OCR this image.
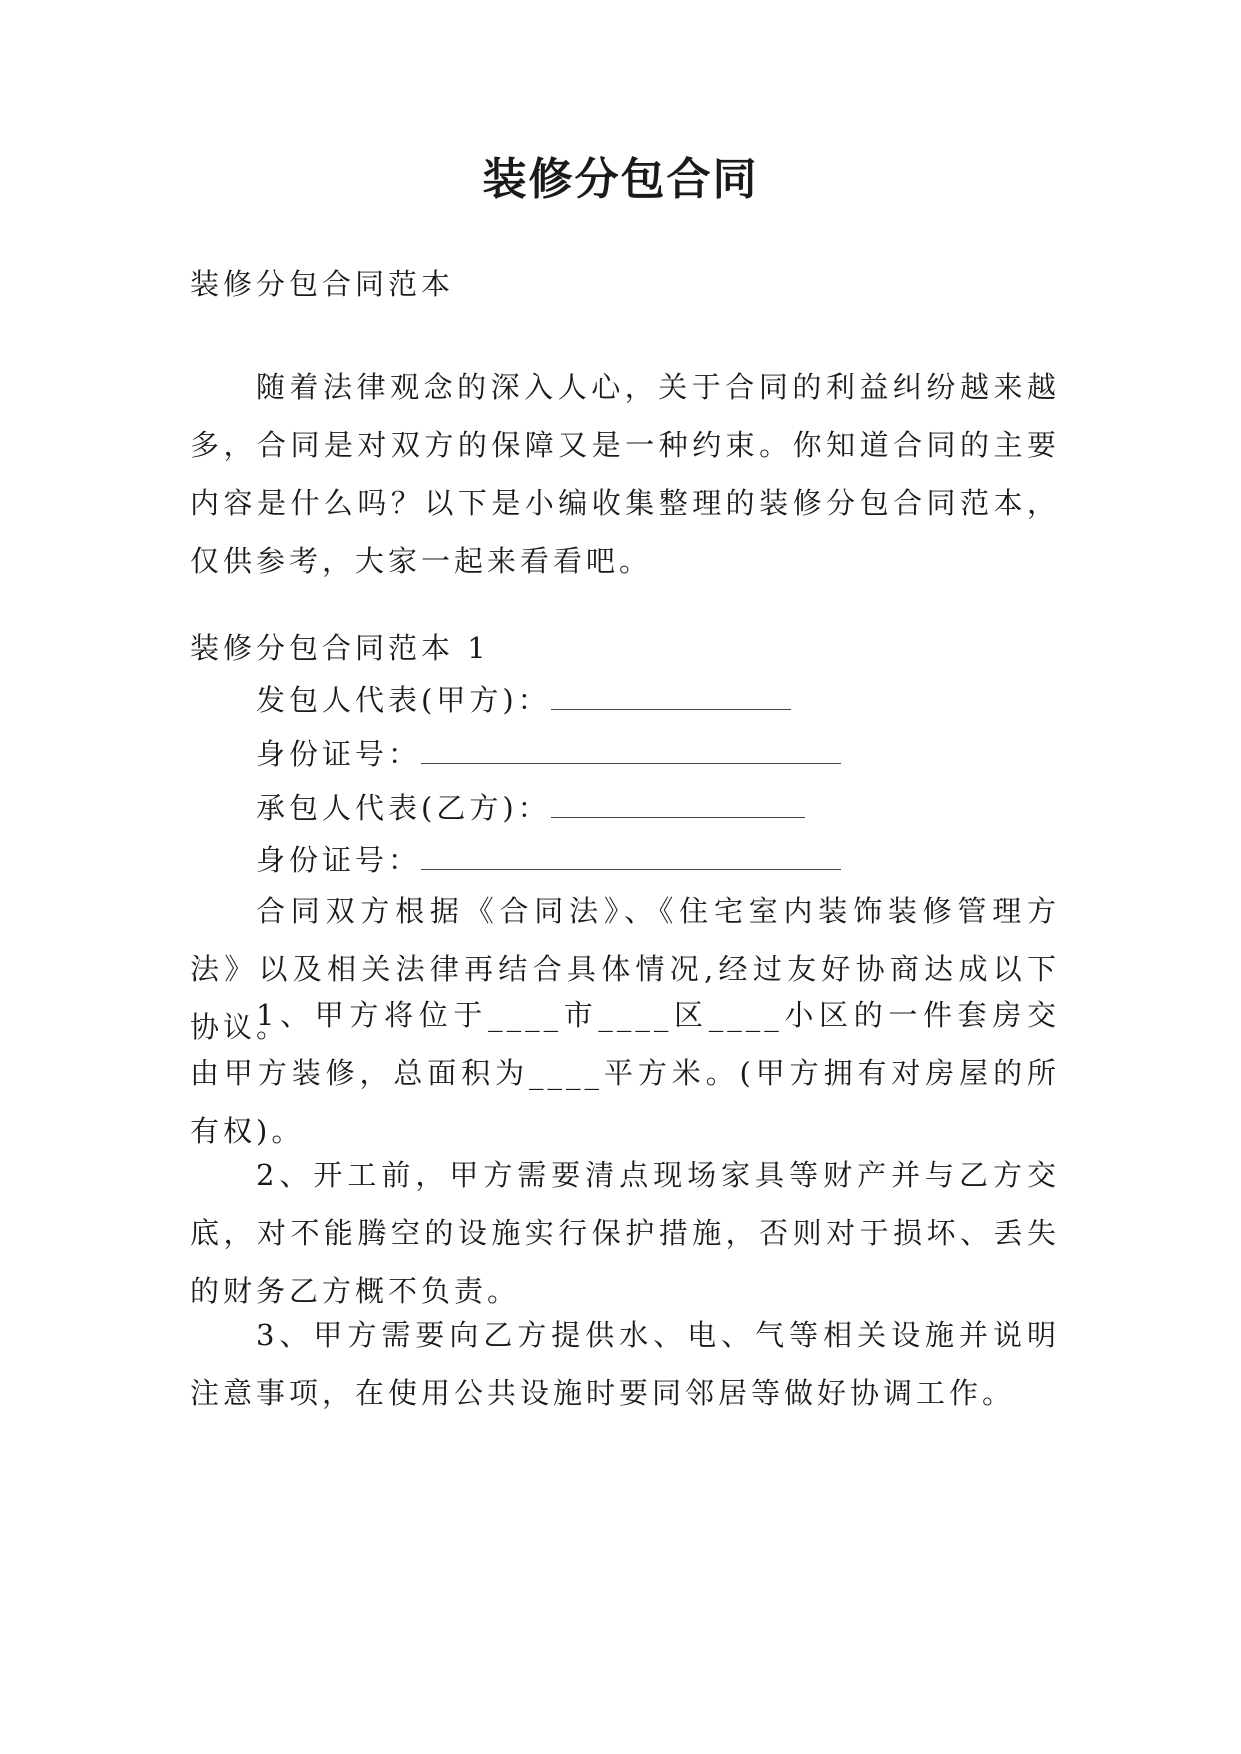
装修分包合同
装修分包合同范本
随着法律观念的深入人心，关于合同的利益纠纷越来越多，合同是对双方的保障又是一种约束。你知道合同的主要内容是什么吗？以下是小编收集整理的装修分包合同范本，仅供参考，大家一起来看看吧。
装修分包合同范本 1
发包人代表(甲方)：
身份证号：
承包人代表(乙方)：
身份证号：
合同双方根据《合同法》、《住宅室内装饰装修管理方法》以及相关法律再结合具体情况,经过友好协商达成以下协议。
1、甲方将位于____市____区____小区的一件套房交由甲方装修，总面积为____平方米。(甲方拥有对房屋的所有权)。
2、开工前，甲方需要清点现场家具等财产并与乙方交底，对不能腾空的设施实行保护措施，否则对于损坏、丢失的财务乙方概不负责。
3、甲方需要向乙方提供水、电、气等相关设施并说明注意事项，在使用公共设施时要同邻居等做好协调工作。
